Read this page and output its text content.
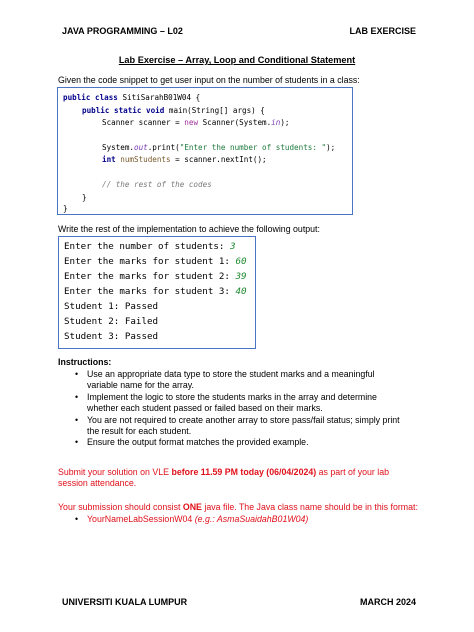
JAVA PROGRAMMING – L02	LAB EXERCISE
Lab Exercise – Array, Loop and Conditional Statement
Given the code snippet to get user input on the number of students in a class:
public class SitiSarahB01W04 {
public static void main(String[] args) {
Scanner scanner = new Scanner(System.in);
System.out.print("Enter the number of students: ");
int numStudents = scanner.nextInt();
// the rest of the codes
}
}
Write the rest of the implementation to achieve the following output:
Enter the number of students: 3
Enter the marks for student 1: 60
Enter the marks for student 2: 39
Enter the marks for student 3: 40
Student 1: Passed
Student 2: Failed
Student 3: Passed
Instructions:
• Use an appropriate data type to store the student marks and a meaningful variable name for the array.
• Implement the logic to store the students marks in the array and determine whether each student passed or failed based on their marks.
• You are not required to create another array to store pass/fail status; simply print the result for each student.
• Ensure the output format matches the provided example.
Submit your solution on VLE before 11.59 PM today (06/04/2024) as part of your lab
session attendance.
Your submission should consist ONE java file. The Java class name should be in this format:
• YourNameLabSessionW04 (e.g.: AsmaSuaidahB01W04)
UNIVERSITI KUALA LUMPUR	MARCH 2024
